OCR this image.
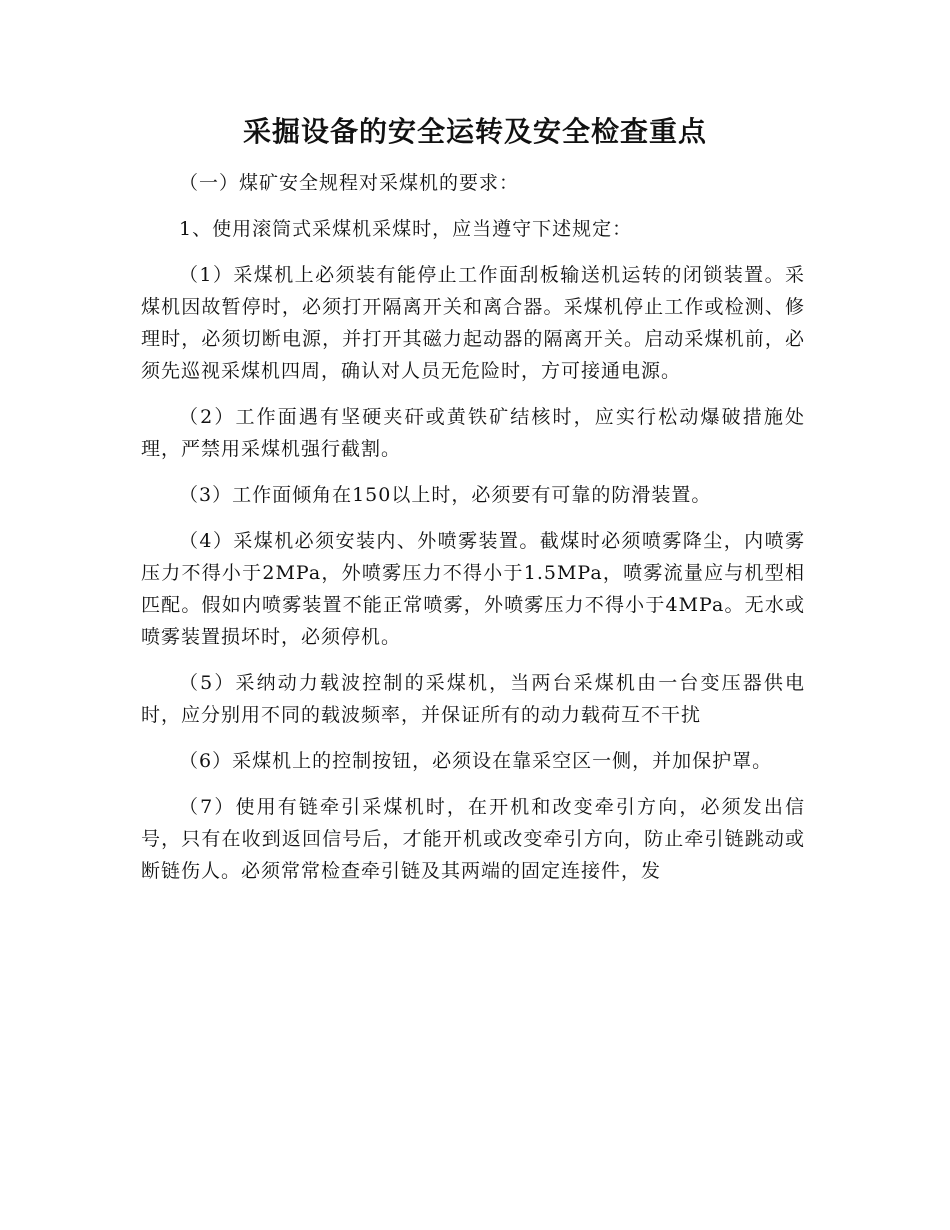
采掘设备的安全运转及安全检查重点

（一）煤矿安全规程对采煤机的要求：

1、使用滚筒式采煤机采煤时，应当遵守下述规定：

（1）采煤机上必须装有能停止工作面刮板输送机运转的闭锁装置。采煤机因故暂停时，必须打开隔离开关和离合器。采煤机停止工作或检测、修理时，必须切断电源，并打开其磁力起动器的隔离开关。启动采煤机前，必须先巡视采煤机四周，确认对人员无危险时，方可接通电源。

（2）工作面遇有坚硬夹矸或黄铁矿结核时，应实行松动爆破措施处理，严禁用采煤机强行截割。

（3）工作面倾角在150以上时，必须要有可靠的防滑装置。

（4）采煤机必须安装内、外喷雾装置。截煤时必须喷雾降尘，内喷雾压力不得小于2MPa，外喷雾压力不得小于1.5MPa，喷雾流量应与机型相匹配。假如内喷雾装置不能正常喷雾，外喷雾压力不得小于4MPa。无水或喷雾装置损坏时，必须停机。

（5）采纳动力载波控制的采煤机，当两台采煤机由一台变压器供电时，应分别用不同的载波频率，并保证所有的动力载荷互不干扰

（6）采煤机上的控制按钮，必须设在靠采空区一侧，并加保护罩。

（7）使用有链牵引采煤机时，在开机和改变牵引方向，必须发出信号，只有在收到返回信号后，才能开机或改变牵引方向，防止牵引链跳动或断链伤人。必须常常检查牵引链及其两端的固定连接件，发
